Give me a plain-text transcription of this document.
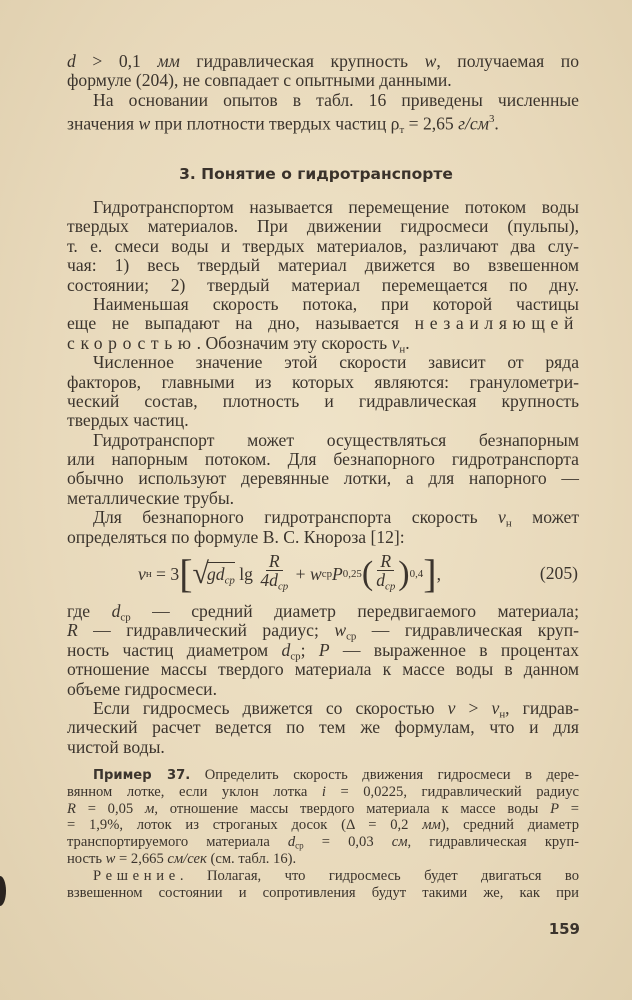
d > 0,1 мм гидравлическая крупность w, получаемая по
формуле (204), не совпадает с опытными данными.
На основании опытов в табл. 16 приведены численные
значения w при плотности твердых частиц $\rho_т = 2,65$ $г/см^3$.
3. Понятие о гидротранспорте
Гидротранспортом называется перемещение потоком воды
твердых материалов. При движении гидросмеси (пульпы),
т. е. смеси воды и твердых материалов, различают два слу-
чая: 1) весь твердый материал движется во взвешенном
состоянии; 2) твердый материал перемещается по дну.
Наименьшая скорость потока, при которой частицы
еще не выпадают на дно, называется незаиляющей
скоростью. Обозначим эту скорость $v_н$.
Численное значение этой скорости зависит от ряда
факторов, главными из которых являются: гранулометри-
ческий состав, плотность и гидравлическая крупность
твердых частиц.
Гидротранспорт может осуществляться безнапорным
или напорным потоком. Для безнапорного гидротранспорта
обычно используют деревянные лотки, а для напорного —
металлические трубы.
Для безнапорного гидротранспорта скорость $v_н$ может
определяться по формуле В. С. Кнороза [12]:
v н = 3 [ √
$gd_{ср}$ $\lg \frac{R}{4d_{ср}} + w$ ср P 0,25 ( $\frac{R}{d_{ср}}$ ) 0,4 ] ,	(205)
где $d_{ср}$ — средний диаметр передвигаемого материала;
R — гидравлический радиус; $w_{ср}$ — гидравлическая круп-
ность частиц диаметром $d_{ср}$; P — выраженное в процентах
отношение массы твердого материала к массе воды в данном
объеме гидросмеси.
Если гидросмесь движется со скоростью $v > v_н$, гидрав-
лический расчет ведется по тем же формулам, что и для
чистой воды.
Пример 37. Определить скорость движения гидросмеси в дере-
вянном лотке, если уклон лотка i = 0,0225, гидравлический радиус
R = 0,05 м, отношение массы твердого материала к массе воды P =
= 1,9%, лоток из строганых досок (Δ = 0,2 мм), средний диаметр
транспортируемого материала $d_{ср} = 0,03$ см, гидравлическая круп-
ность w = 2,665 см/сек (см. табл. 16).
Решение. Полагая, что гидросмесь будет двигаться во
взвешенном состоянии и сопротивления будут такими же, как при
159
